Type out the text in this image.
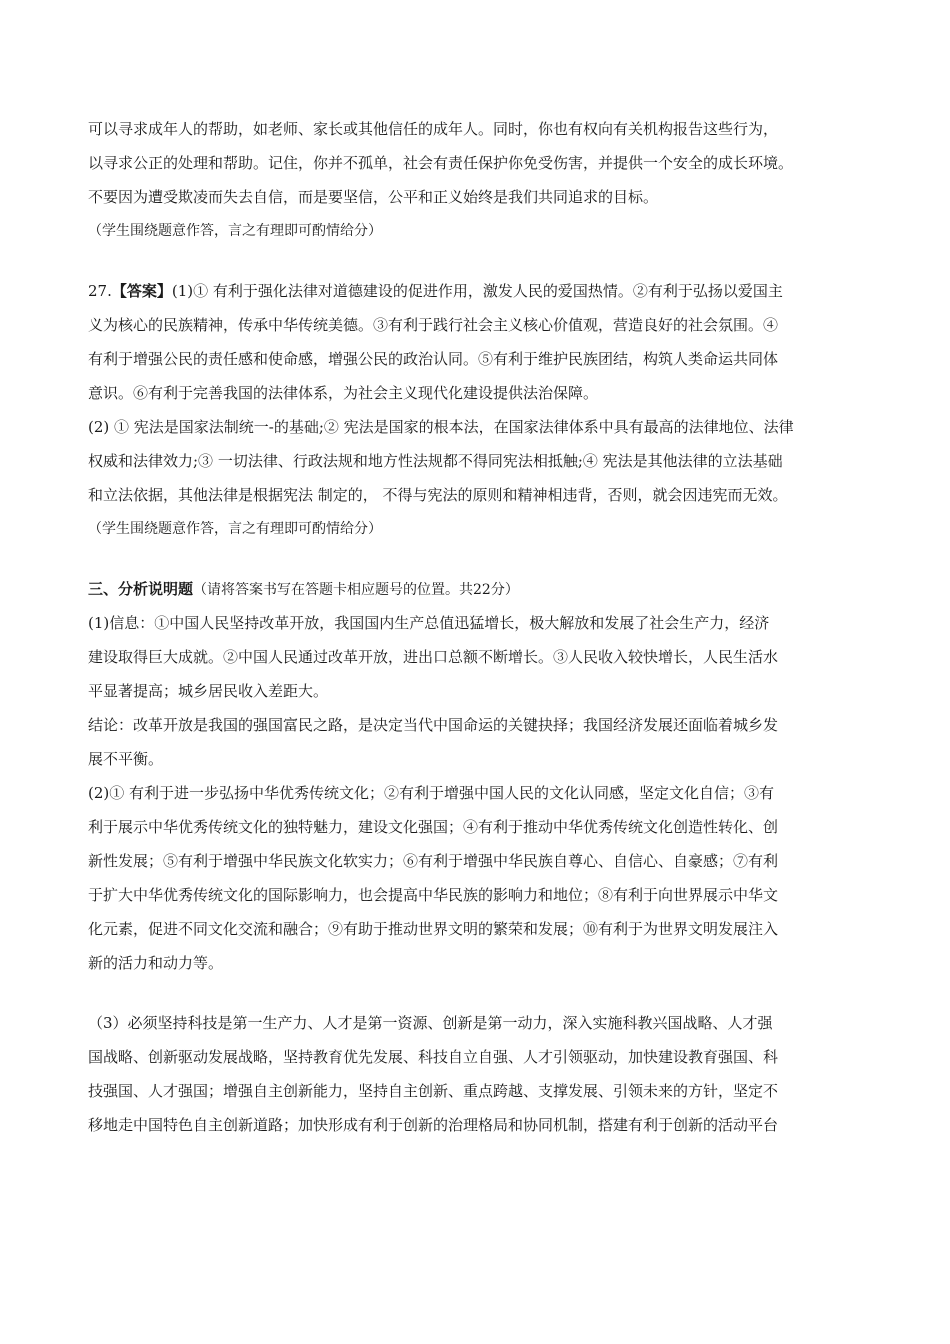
可以寻求成年人的帮助，如老师、家长或其他信任的成年人。同时，你也有权向有关机构报告这些行为，
以寻求公正的处理和帮助。记住，你并不孤单，社会有责任保护你免受伤害，并提供一个安全的成长环境。
不要因为遭受欺凌而失去自信，而是要坚信，公平和正义始终是我们共同追求的目标。
（学生围绕题意作答，言之有理即可酌情给分）
27.【答案】(1)① 有利于强化法律对道德建设的促进作用，激发人民的爱国热情。②有利于弘扬以爱国主
义为核心的民族精神，传承中华传统美德。③有利于践行社会主义核心价值观，营造良好的社会氛围。④
有利于增强公民的责任感和使命感，增强公民的政治认同。⑤有利于维护民族团结，构筑人类命运共同体
意识。⑥有利于完善我国的法律体系，为社会主义现代化建设提供法治保障。
(2) ① 宪法是国家法制统一-的基础;② 宪法是国家的根本法，在国家法律体系中具有最高的法律地位、法律
权威和法律效力;③ 一切法律、行政法规和地方性法规都不得同宪法相抵触;④ 宪法是其他法律的立法基础
和立法依据，其他法律是根据宪法 制定的， 不得与宪法的原则和精神相违背，否则，就会因违宪而无效。
（学生围绕题意作答，言之有理即可酌情给分）
三、分析说明题（请将答案书写在答题卡相应题号的位置。共22分）
(1)信息：①中国人民坚持改革开放，我国国内生产总值迅猛增长，极大解放和发展了社会生产力，经济
建设取得巨大成就。②中国人民通过改革开放，进出口总额不断增长。③人民收入较快增长，人民生活水
平显著提高；城乡居民收入差距大。
结论：改革开放是我国的强国富民之路，是决定当代中国命运的关键抉择；我国经济发展还面临着城乡发
展不平衡。
(2)① 有利于进一步弘扬中华优秀传统文化；②有利于增强中国人民的文化认同感，坚定文化自信；③有
利于展示中华优秀传统文化的独特魅力，建设文化强国；④有利于推动中华优秀传统文化创造性转化、创
新性发展；⑤有利于增强中华民族文化软实力；⑥有利于增强中华民族自尊心、自信心、自豪感；⑦有利
于扩大中华优秀传统文化的国际影响力，也会提高中华民族的影响力和地位；⑧有利于向世界展示中华文
化元素，促进不同文化交流和融合；⑨有助于推动世界文明的繁荣和发展；⑩有利于为世界文明发展注入
新的活力和动力等。
（3）必须坚持科技是第一生产力、人才是第一资源、创新是第一动力，深入实施科教兴国战略、人才强
国战略、创新驱动发展战略，坚持教育优先发展、科技自立自强、人才引领驱动，加快建设教育强国、科
技强国、人才强国；增强自主创新能力，坚持自主创新、重点跨越、支撑发展、引领未来的方针，坚定不
移地走中国特色自主创新道路；加快形成有利于创新的治理格局和协同机制，搭建有利于创新的活动平台
